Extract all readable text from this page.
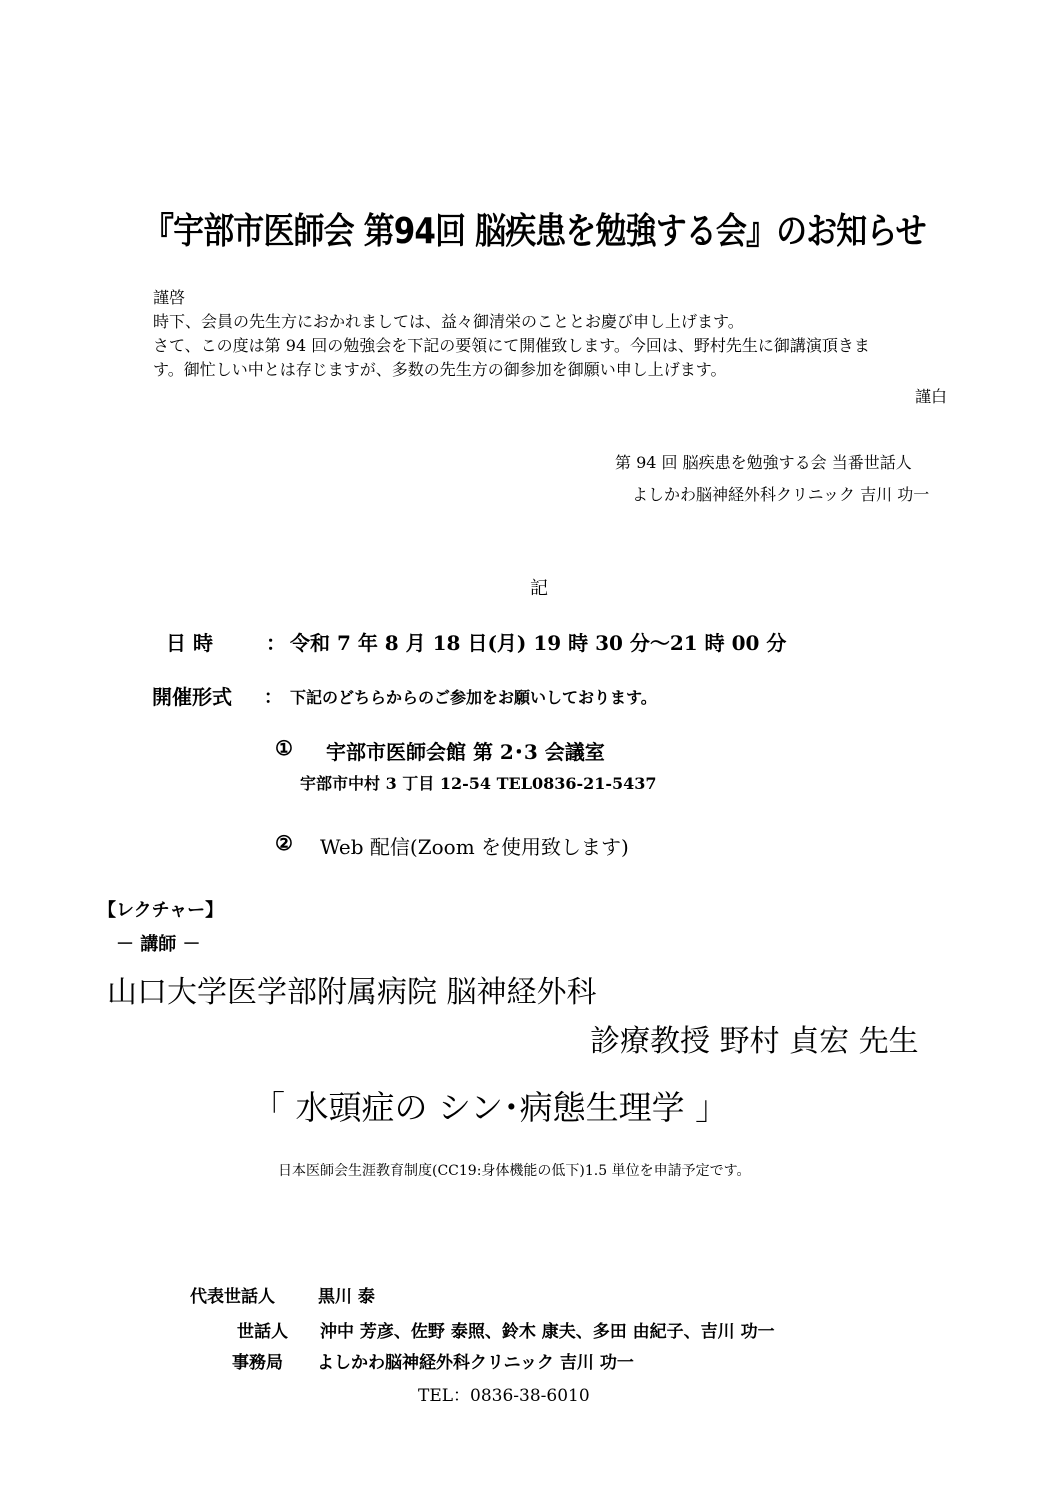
『宇部市医師会 第94回 脳疾患を勉強する会』のお知らせ
謹啓
時下、会員の先生方におかれましては、益々御清栄のこととお慶び申し上げます。
さて、この度は第 94 回の勉強会を下記の要領にて開催致します。今回は、野村先生に御講演頂きま
す。御忙しい中とは存じますが、多数の先生方の御参加を御願い申し上げます。
謹白
第 94 回 脳疾患を勉強する会 当番世話人
よしかわ脳神経外科クリニック 吉川 功一
記
日 時	： 令和 7 年 8 月 18 日(月) 19 時 30 分～21 時 00 分
開催形式 ： 下記のどちらからのご参加をお願いしております。
① 宇部市医師会館 第 2･3 会議室
宇部市中村 3 丁目 12-54 TEL0836-21-5437
② Web 配信(Zoom を使用致します)
【レクチャー】
－ 講師 －
山口大学医学部附属病院 脳神経外科
診療教授 野村 貞宏 先生
「 水頭症の シン･病態生理学 」
日本医師会生涯教育制度(CC19:身体機能の低下)1.5 単位を申請予定です。
代表世話人	黒川 泰
世話人 沖中 芳彦、佐野 泰照、鈴木 康夫、多田 由紀子、吉川 功一
事務局 よしかわ脳神経外科クリニック 吉川 功一
TEL：0836-38-6010
